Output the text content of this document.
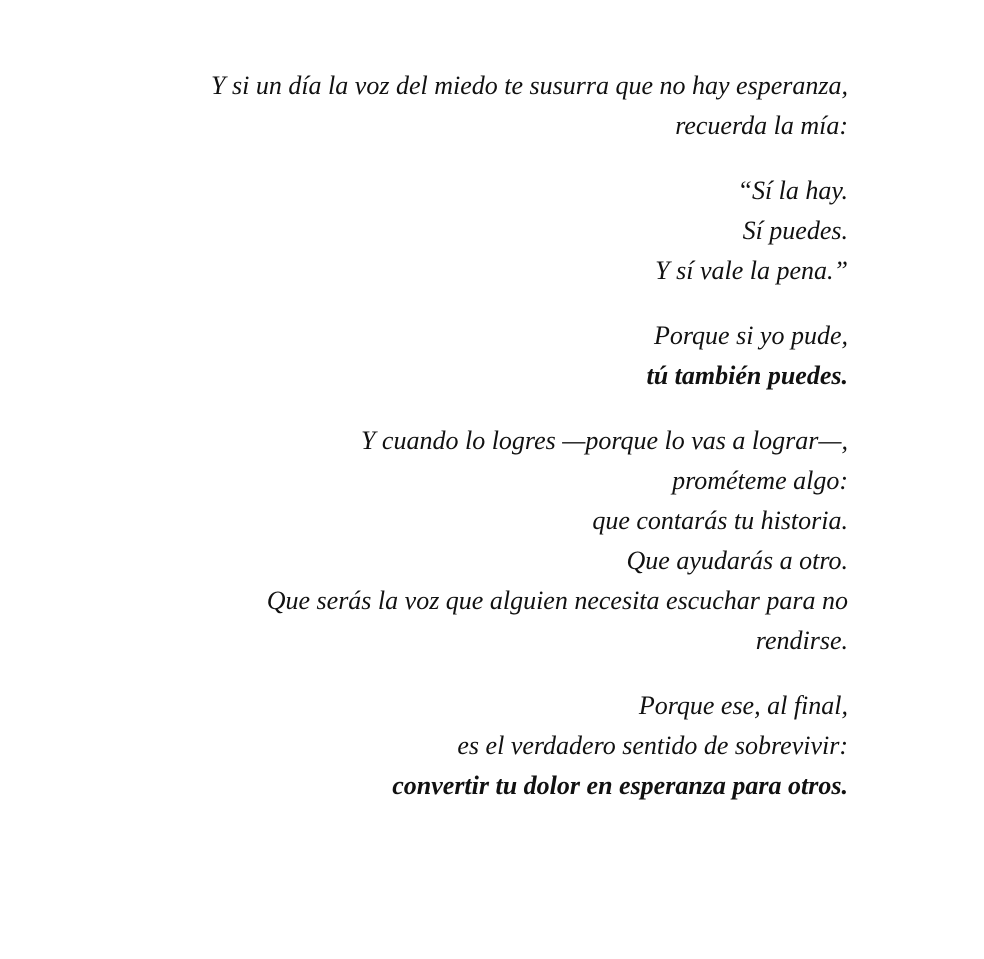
Y si un día la voz del miedo te susurra que no hay esperanza,
recuerda la mía:
“Sí la hay.
Sí puedes.
Y sí vale la pena.”
Porque si yo pude,
tú también puedes.
Y cuando lo logres —porque lo vas a lograr—,
prométeme algo:
que contarás tu historia.
Que ayudarás a otro.
Que serás la voz que alguien necesita escuchar para no
rendirse.
Porque ese, al final,
es el verdadero sentido de sobrevivir:
convertir tu dolor en esperanza para otros.
